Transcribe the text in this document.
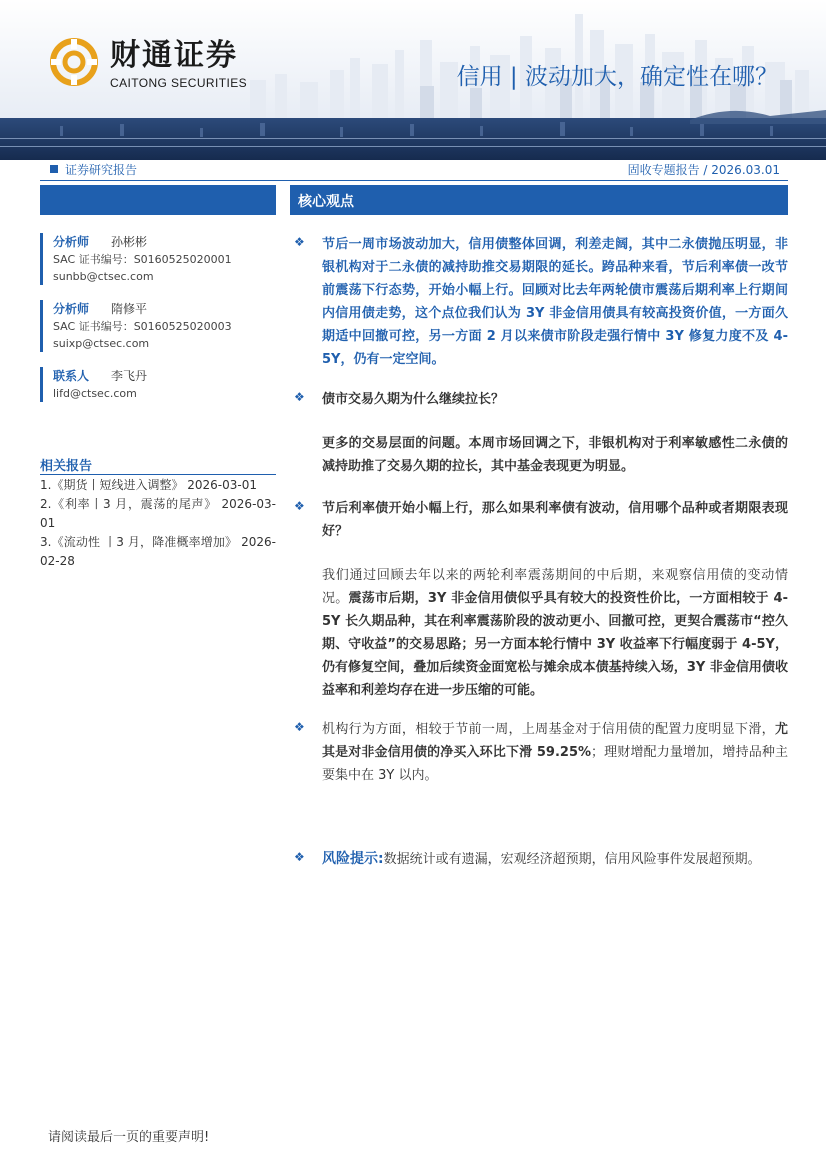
财通证券
CAITONG SECURITIES	信用 | 波动加大，确定性在哪？
证券研究报告	固收专题报告 / 2026.03.01
分析师 孙彬彬
SAC 证书编号：S0160525020001
sunbb@ctsec.com
分析师 隋修平
SAC 证书编号：S0160525020003
suixp@ctsec.com
联系人 李飞丹
lifd@ctsec.com
相关报告
1.《期货丨短线进入调整》 2026-03-01
2.《利率丨3 月，震荡的尾声》 2026-03-01
3.《流动性 丨3 月，降准概率增加》 2026-02-28
核心观点
❖ 节后一周市场波动加大，信用债整体回调，利差走阔，其中二永债抛压明显，非银机构对于二永债的减持助推交易期限的延长。跨品种来看，节后利率债一改节前震荡下行态势，开始小幅上行。回顾对比去年两轮债市震荡后期利率上行期间内信用债走势，这个点位我们认为 3Y 非金信用债具有较高投资价值，一方面久期适中回撤可控，另一方面 2 月以来债市阶段走强行情中 3Y 修复力度不及 4-5Y，仍有一定空间。
❖ 债市交易久期为什么继续拉长？
更多的交易层面的问题。本周市场回调之下，非银机构对于利率敏感性二永债的减持助推了交易久期的拉长，其中基金表现更为明显。
❖ 节后利率债开始小幅上行，那么如果利率债有波动，信用哪个品种或者期限表现好？
我们通过回顾去年以来的两轮利率震荡期间的中后期，来观察信用债的变动情况。震荡市后期，3Y 非金信用债似乎具有较大的投资性价比，一方面相较于 4-5Y 长久期品种，其在利率震荡阶段的波动更小、回撤可控，更契合震荡市“控久期、守收益”的交易思路；另一方面本轮行情中 3Y 收益率下行幅度弱于 4-5Y，仍有修复空间，叠加后续资金面宽松与摊余成本债基持续入场，3Y 非金信用债收益率和利差均存在进一步压缩的可能。
❖ 机构行为方面，相较于节前一周，上周基金对于信用债的配置力度明显下滑，尤其是对非金信用债的净买入环比下滑 59.25%；理财增配力量增加，增持品种主要集中在 3Y 以内。
❖ 风险提示:数据统计或有遗漏，宏观经济超预期，信用风险事件发展超预期。
请阅读最后一页的重要声明!
